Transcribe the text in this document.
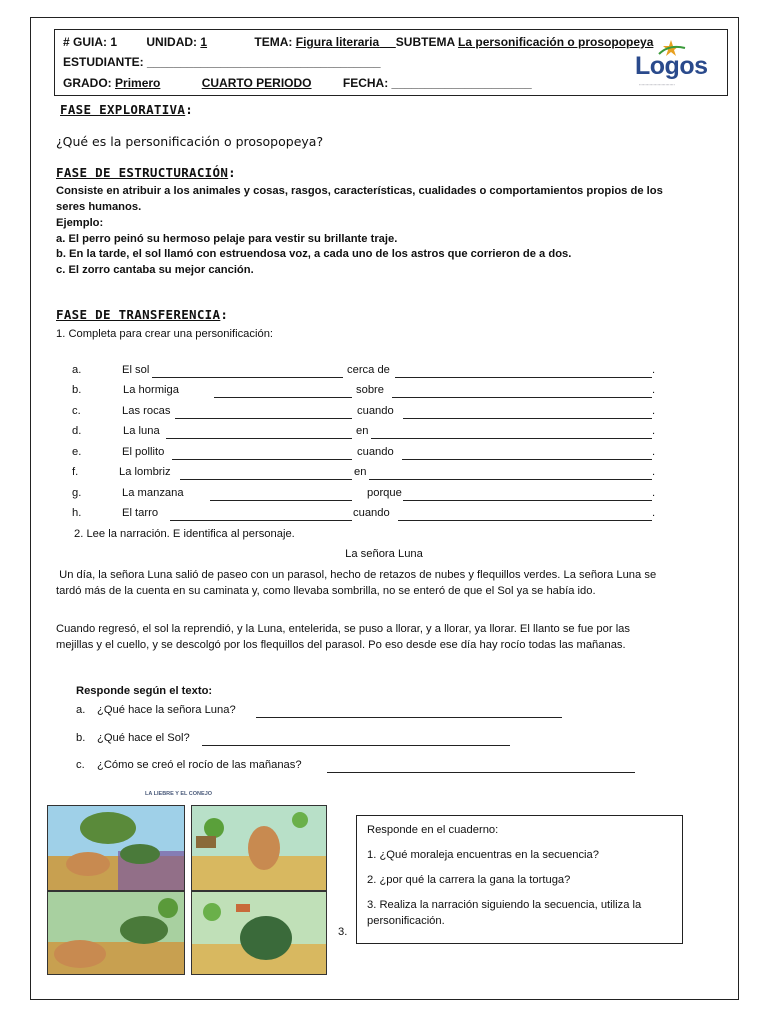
# GUIA: 1 UNIDAD: 1	TEMA: Figura literaria SUBTEMA La personificación o prosopopeya
ESTUDIANTE: ___________________________________
GRADO: Primero	CUARTO PERIODO	FECHA: _____________________
Logos
···························
FASE EXPLORATIVA:
¿Qué es la personificación o prosopopeya?
FASE DE ESTRUCTURACIÓN:
Consiste en atribuir a los animales y cosas, rasgos, características, cualidades o comportamientos propios de los seres humanos.
Ejemplo:
a. El perro peinó su hermoso pelaje para vestir su brillante traje.
b. En la tarde, el sol llamó con estruendosa voz, a cada uno de los astros que corrieron de a dos.
c. El zorro cantaba su mejor canción.
FASE DE TRANSFERENCIA:
1. Completa para crear una personificación:
a.	El sol	cerca de	.
b.	La hormiga	sobre	.
c.	Las rocas	cuando	.
d.	La luna	en	.
e.	El pollito	cuando	.
f.	La lombriz	en	.
g.	La manzana	porque	.
h.	El tarro	cuando	.
2. Lee la narración. E identifica al personaje.
La señora Luna
Un día, la señora Luna salió de paseo con un parasol, hecho de retazos de nubes y flequillos verdes. La señora Luna se tardó más de la cuenta en su caminata y, como llevaba sombrilla, no se enteró de que el Sol ya se había ido.
Cuando regresó, el sol la reprendió, y la Luna, entelerida, se puso a llorar, y a llorar, ya llorar. El llanto se fue por las mejillas y el cuello, y se descolgó por los flequillos del parasol. Po eso desde ese día hay rocío todas las mañanas.
Responde según el texto:
a. ¿Qué hace la señora Luna?
b. ¿Qué hace el Sol?
c. ¿Cómo se creó el rocío de las mañanas?
LA LIEBRE Y EL CONEJO
3.
Responde en el cuaderno:
1. ¿Qué moraleja encuentras en la secuencia?
2. ¿por qué la carrera la gana la tortuga?
3. Realiza la narración siguiendo la secuencia, utiliza la personificación.
